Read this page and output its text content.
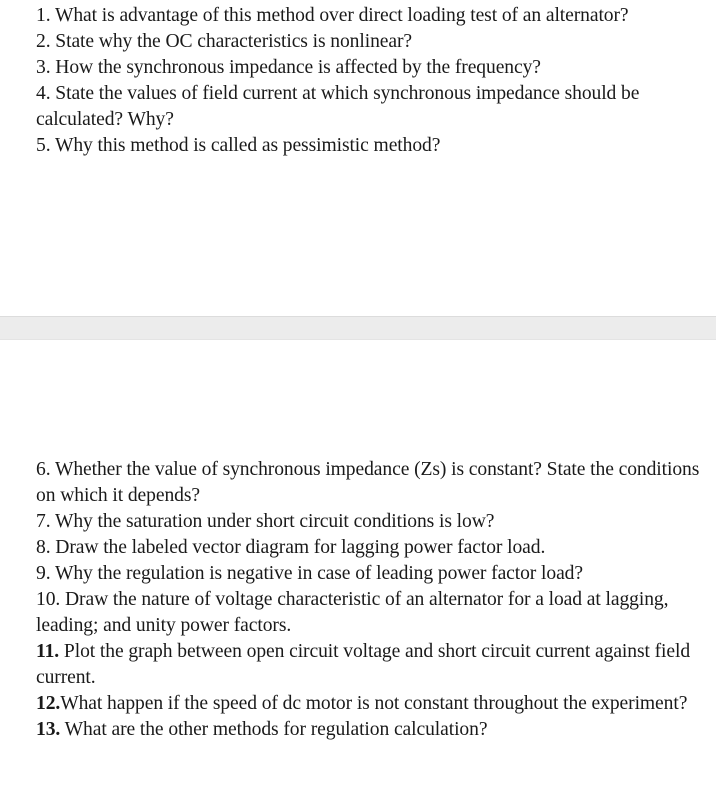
1. What is advantage of this method over direct loading test of an alternator?

2. State why the OC characteristics is nonlinear?

3. How the synchronous impedance is affected by the frequency?

4. State the values of field current at which synchronous impedance should be calculated? Why?

5. Why this method is called as pessimistic method?

6. Whether the value of synchronous impedance (Zs) is constant? State the conditions on which it depends?

7. Why the saturation under short circuit conditions is low?

8. Draw the labeled vector diagram for lagging power factor load.

9. Why the regulation is negative in case of leading power factor load?

10. Draw the nature of voltage characteristic of an alternator for a load at lagging, leading; and unity power factors.

11. Plot the graph between open circuit voltage and short circuit current against field current.

12.What happen if the speed of dc motor is not constant throughout the experiment?

13. What are the other methods for regulation calculation?
